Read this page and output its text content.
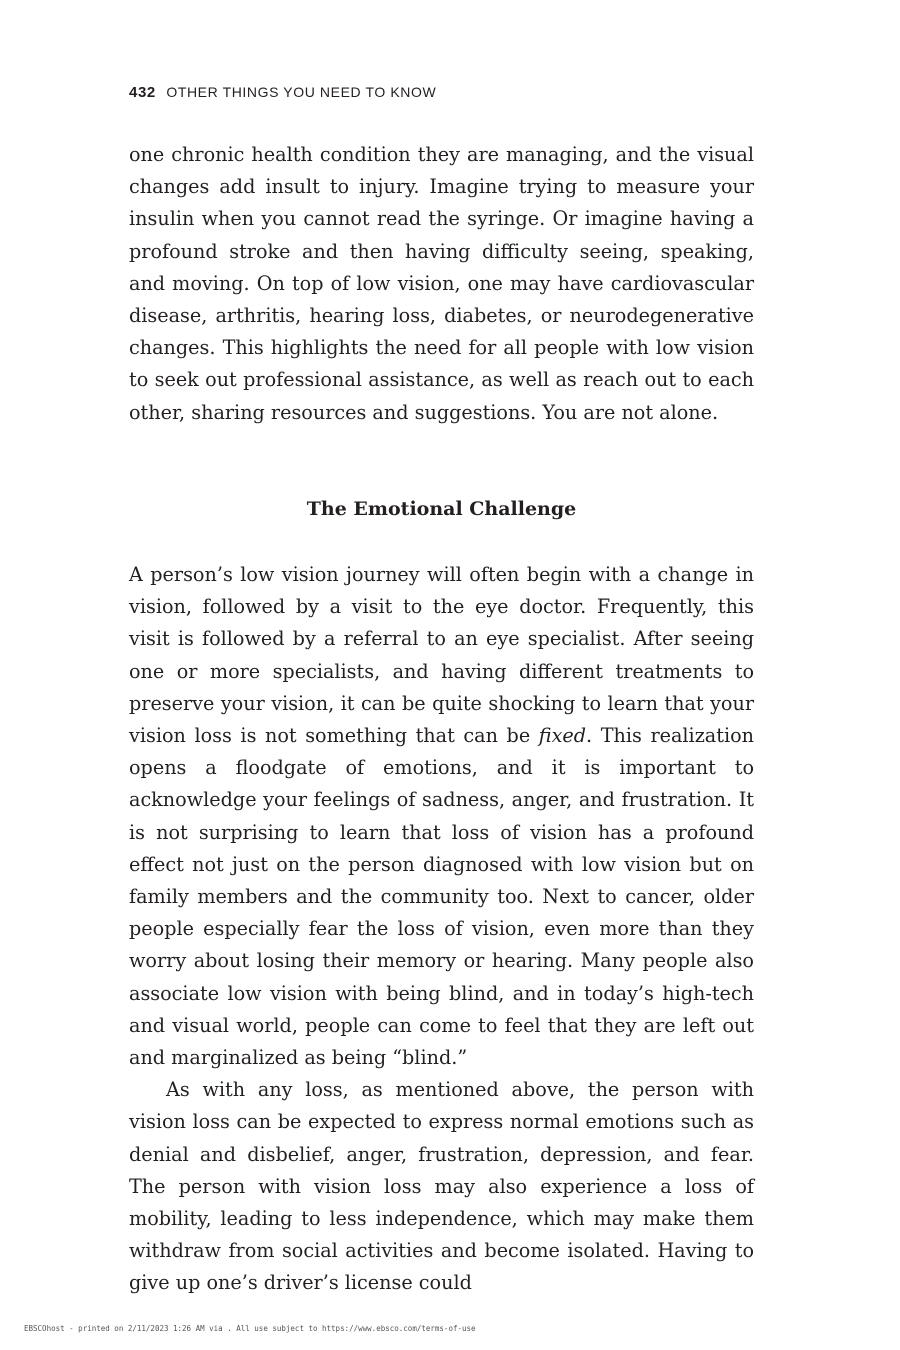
432 OTHER THINGS YOU NEED TO KNOW

one chronic health condition they are managing, and the visual changes add insult to injury. Imagine trying to measure your insulin when you cannot read the syringe. Or imagine having a profound stroke and then having difficulty seeing, speaking, and moving. On top of low vision, one may have cardiovascular disease, arthritis, hearing loss, diabetes, or neurodegenerative changes. This highlights the need for all people with low vision to seek out professional assistance, as well as reach out to each other, sharing resources and suggestions. You are not alone.

The Emotional Challenge

A person’s low vision journey will often begin with a change in vision, followed by a visit to the eye doctor. Frequently, this visit is followed by a referral to an eye specialist. After seeing one or more specialists, and having different treatments to preserve your vision, it can be quite shocking to learn that your vision loss is not something that can be fixed. This realization opens a floodgate of emotions, and it is important to acknowledge your feelings of sadness, anger, and frustration. It is not surprising to learn that loss of vision has a profound effect not just on the person diagnosed with low vision but on family members and the community too. Next to cancer, older people especially fear the loss of vision, even more than they worry about losing their memory or hearing. Many people also associate low vision with being blind, and in today’s high-tech and visual world, people can come to feel that they are left out and marginalized as being “blind.”

As with any loss, as mentioned above, the person with vision loss can be expected to express normal emotions such as denial and disbelief, anger, frustration, depression, and fear. The person with vision loss may also experience a loss of mobility, leading to less independence, which may make them withdraw from social activities and become isolated. Having to give up one’s driver’s license could

EBSCOhost - printed on 2/11/2023 1:26 AM via . All use subject to https://www.ebsco.com/terms-of-use
